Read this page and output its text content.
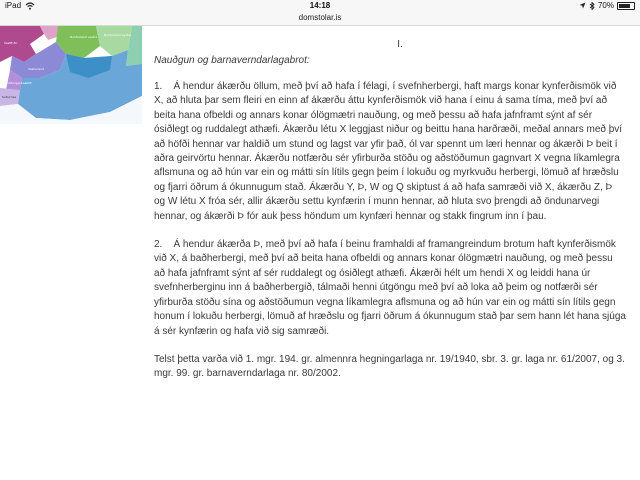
iPad	14:18	70%
domstolar.is
Norðurland vestra Norðurland eystra
Vestfirðir
Vesturland
Höfuðborgarsvæðið
Suðurnes
I.
Nauðgun og barnaverndarlagabrot:

1.    Á hendur ákærðu öllum, með því að hafa í félagi, í svefnherbergi, haft margs konar kynferðismök við X, að hluta þar sem fleiri en einn af ákærðu áttu kynferðismök við hana í einu á sama tíma, með því að beita hana ofbeldi og annars konar ólögmætri nauðung, og með þessu að hafa jafnframt sýnt af sér ósiðlegt og ruddalegt athæfi. Ákærðu létu X leggjast niður og beittu hana harðræði, meðal annars með því að höfði hennar var haldið um stund og lagst var yfir það, ól var spennt um læri hennar og ákærði Þ beit í aðra geirvörtu hennar. Ákærðu notfærðu sér yfirburða stöðu og aðstöðumun gagnvart X vegna líkamlegra aflsmuna og að hún var ein og mátti sín lítils gegn þeim í lokuðu og myrkvuðu herbergi, lömuð af hræðslu og fjarri öðrum á ókunnugum stað. Ákærðu Y, Þ, W og Q skiptust á að hafa samræði við X, ákærðu Z, Þ og W létu X fróa sér, allir ákærðu settu kynfærin í munn hennar, að hluta svo þrengdi að öndunarvegi hennar, og ákærði Þ fór auk þess höndum um kynfæri hennar og stakk fingrum inn í þau.

2.    Á hendur ákærða Þ, með því að hafa í beinu framhaldi af framangreindum brotum haft kynferðismök við X, á baðherbergi, með því að beita hana ofbeldi og annars konar ólögmætri nauðung, og með þessu að hafa jafnframt sýnt af sér ruddalegt og ósiðlegt athæfi. Ákærði hélt um hendi X og leiddi hana úr svefnherberginu inn á baðherbergið, tálmaði henni útgöngu með því að loka að þeim og notfærði sér yfirburða stöðu sína og aðstöðumun vegna líkamlegra aflsmuna og að hún var ein og mátti sín lítils gegn honum í lokuðu herbergi, lömuð af hræðslu og fjarri öðrum á ókunnugum stað þar sem hann lét hana sjúga á sér kynfærin og hafa við sig samræði.

Telst þetta varða við 1. mgr. 194. gr. almennra hegningarlaga nr. 19/1940, sbr. 3. gr. laga nr. 61/2007, og 3. mgr. 99. gr. barnaverndarlaga nr. 80/2002.
